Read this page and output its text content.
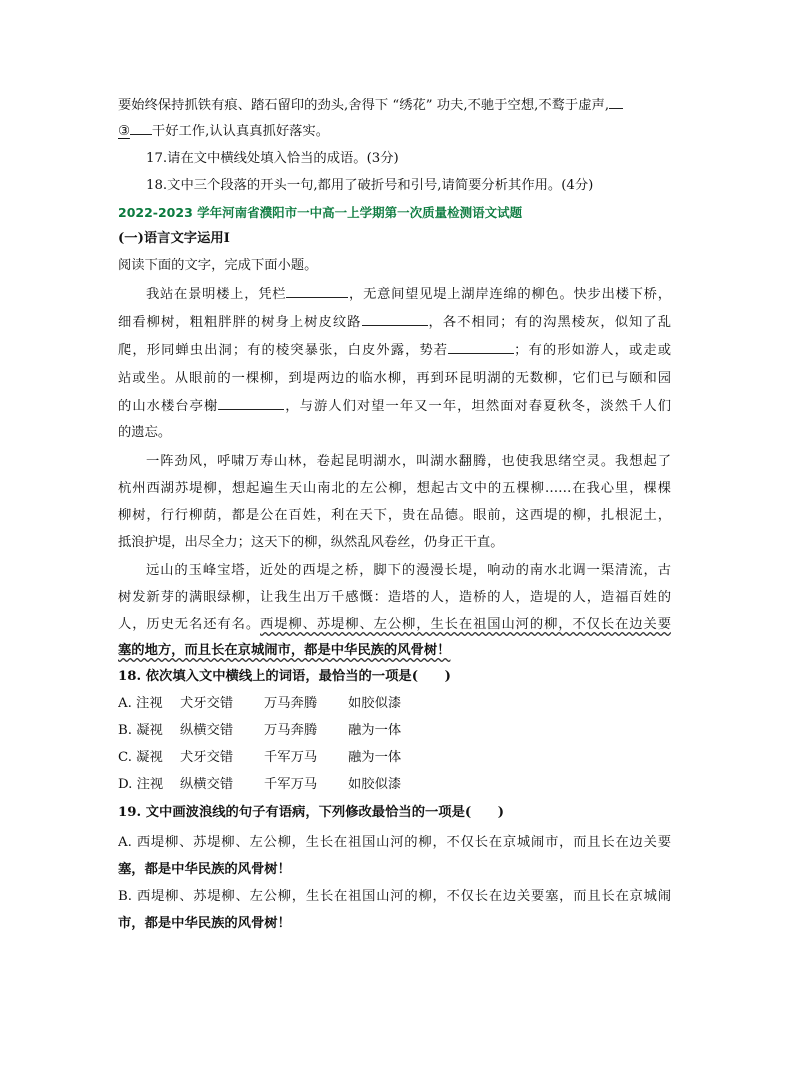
要始终保持抓铁有痕、踏石留印的劲头,舍得下 “绣花” 功夫,不驰于空想,不鹜于虚声,
③ 干好工作,认认真真抓好落实。
17.请在文中横线处填入恰当的成语。(3分)
18.文中三个段落的开头一句,都用了破折号和引号,请简要分析其作用。(4分)
2022-2023 学年河南省濮阳市一中高一上学期第一次质量检测语文试题
(一)语言文字运用Ⅰ
阅读下面的文字，完成下面小题。
我站在景明楼上，凭栏	，无意间望见堤上湖岸连绵的柳色。快步出楼下桥，
细看柳树，粗粗胖胖的树身上树皮纹路	，各不相同；有的沟黑棱灰，似知了乱
爬，形同蝉虫出洞；有的棱突暴张，白皮外露，势若	；有的形如游人，或走或
站或坐。从眼前的一棵柳，到堤两边的临水柳，再到环昆明湖的无数柳，它们已与颐和园
的山水楼台亭榭	，与游人们对望一年又一年，坦然面对春夏秋冬，淡然千人们
的遗忘。
一阵劲风，呼啸万寿山林，卷起昆明湖水，叫湖水翻腾，也使我思绪空灵。我想起了
杭州西湖苏堤柳，想起遍生天山南北的左公柳，想起古文中的五棵柳……在我心里，棵棵
柳树，行行柳荫，都是公在百姓，利在天下，贵在品德。眼前，这西堤的柳，扎根泥土，
抵浪护堤，出尽全力；这天下的柳，纵然乱风卷丝，仍身正干直。
远山的玉峰宝塔，近处的西堤之桥，脚下的漫漫长堤，响动的南水北调一渠清流，古
树发新芽的满眼绿柳，让我生出万千感慨：造塔的人，造桥的人，造堤的人，造福百姓的
人，历史无名还有名。西堤柳、苏堤柳、左公柳，生长在祖国山河的柳，不仅长在边关要
塞的地方，而且长在京城闹市，都是中华民族的风骨树！
18. 依次填入文中横线上的词语，最恰当的一项是(　　)
A. 注视 犬牙交错 万马奔腾 如胶似漆
B. 凝视 纵横交错 万马奔腾 融为一体
C. 凝视 犬牙交错 千军万马 融为一体
D. 注视 纵横交错 千军万马 如胶似漆
19. 文中画波浪线的句子有语病，下列修改最恰当的一项是(　　)
A. 西堤柳、苏堤柳、左公柳，生长在祖国山河的柳，不仅长在京城闹市，而且长在边关要
塞，都是中华民族的风骨树！
B. 西堤柳、苏堤柳、左公柳，生长在祖国山河的柳，不仅长在边关要塞，而且长在京城闹
市，都是中华民族的风骨树！
